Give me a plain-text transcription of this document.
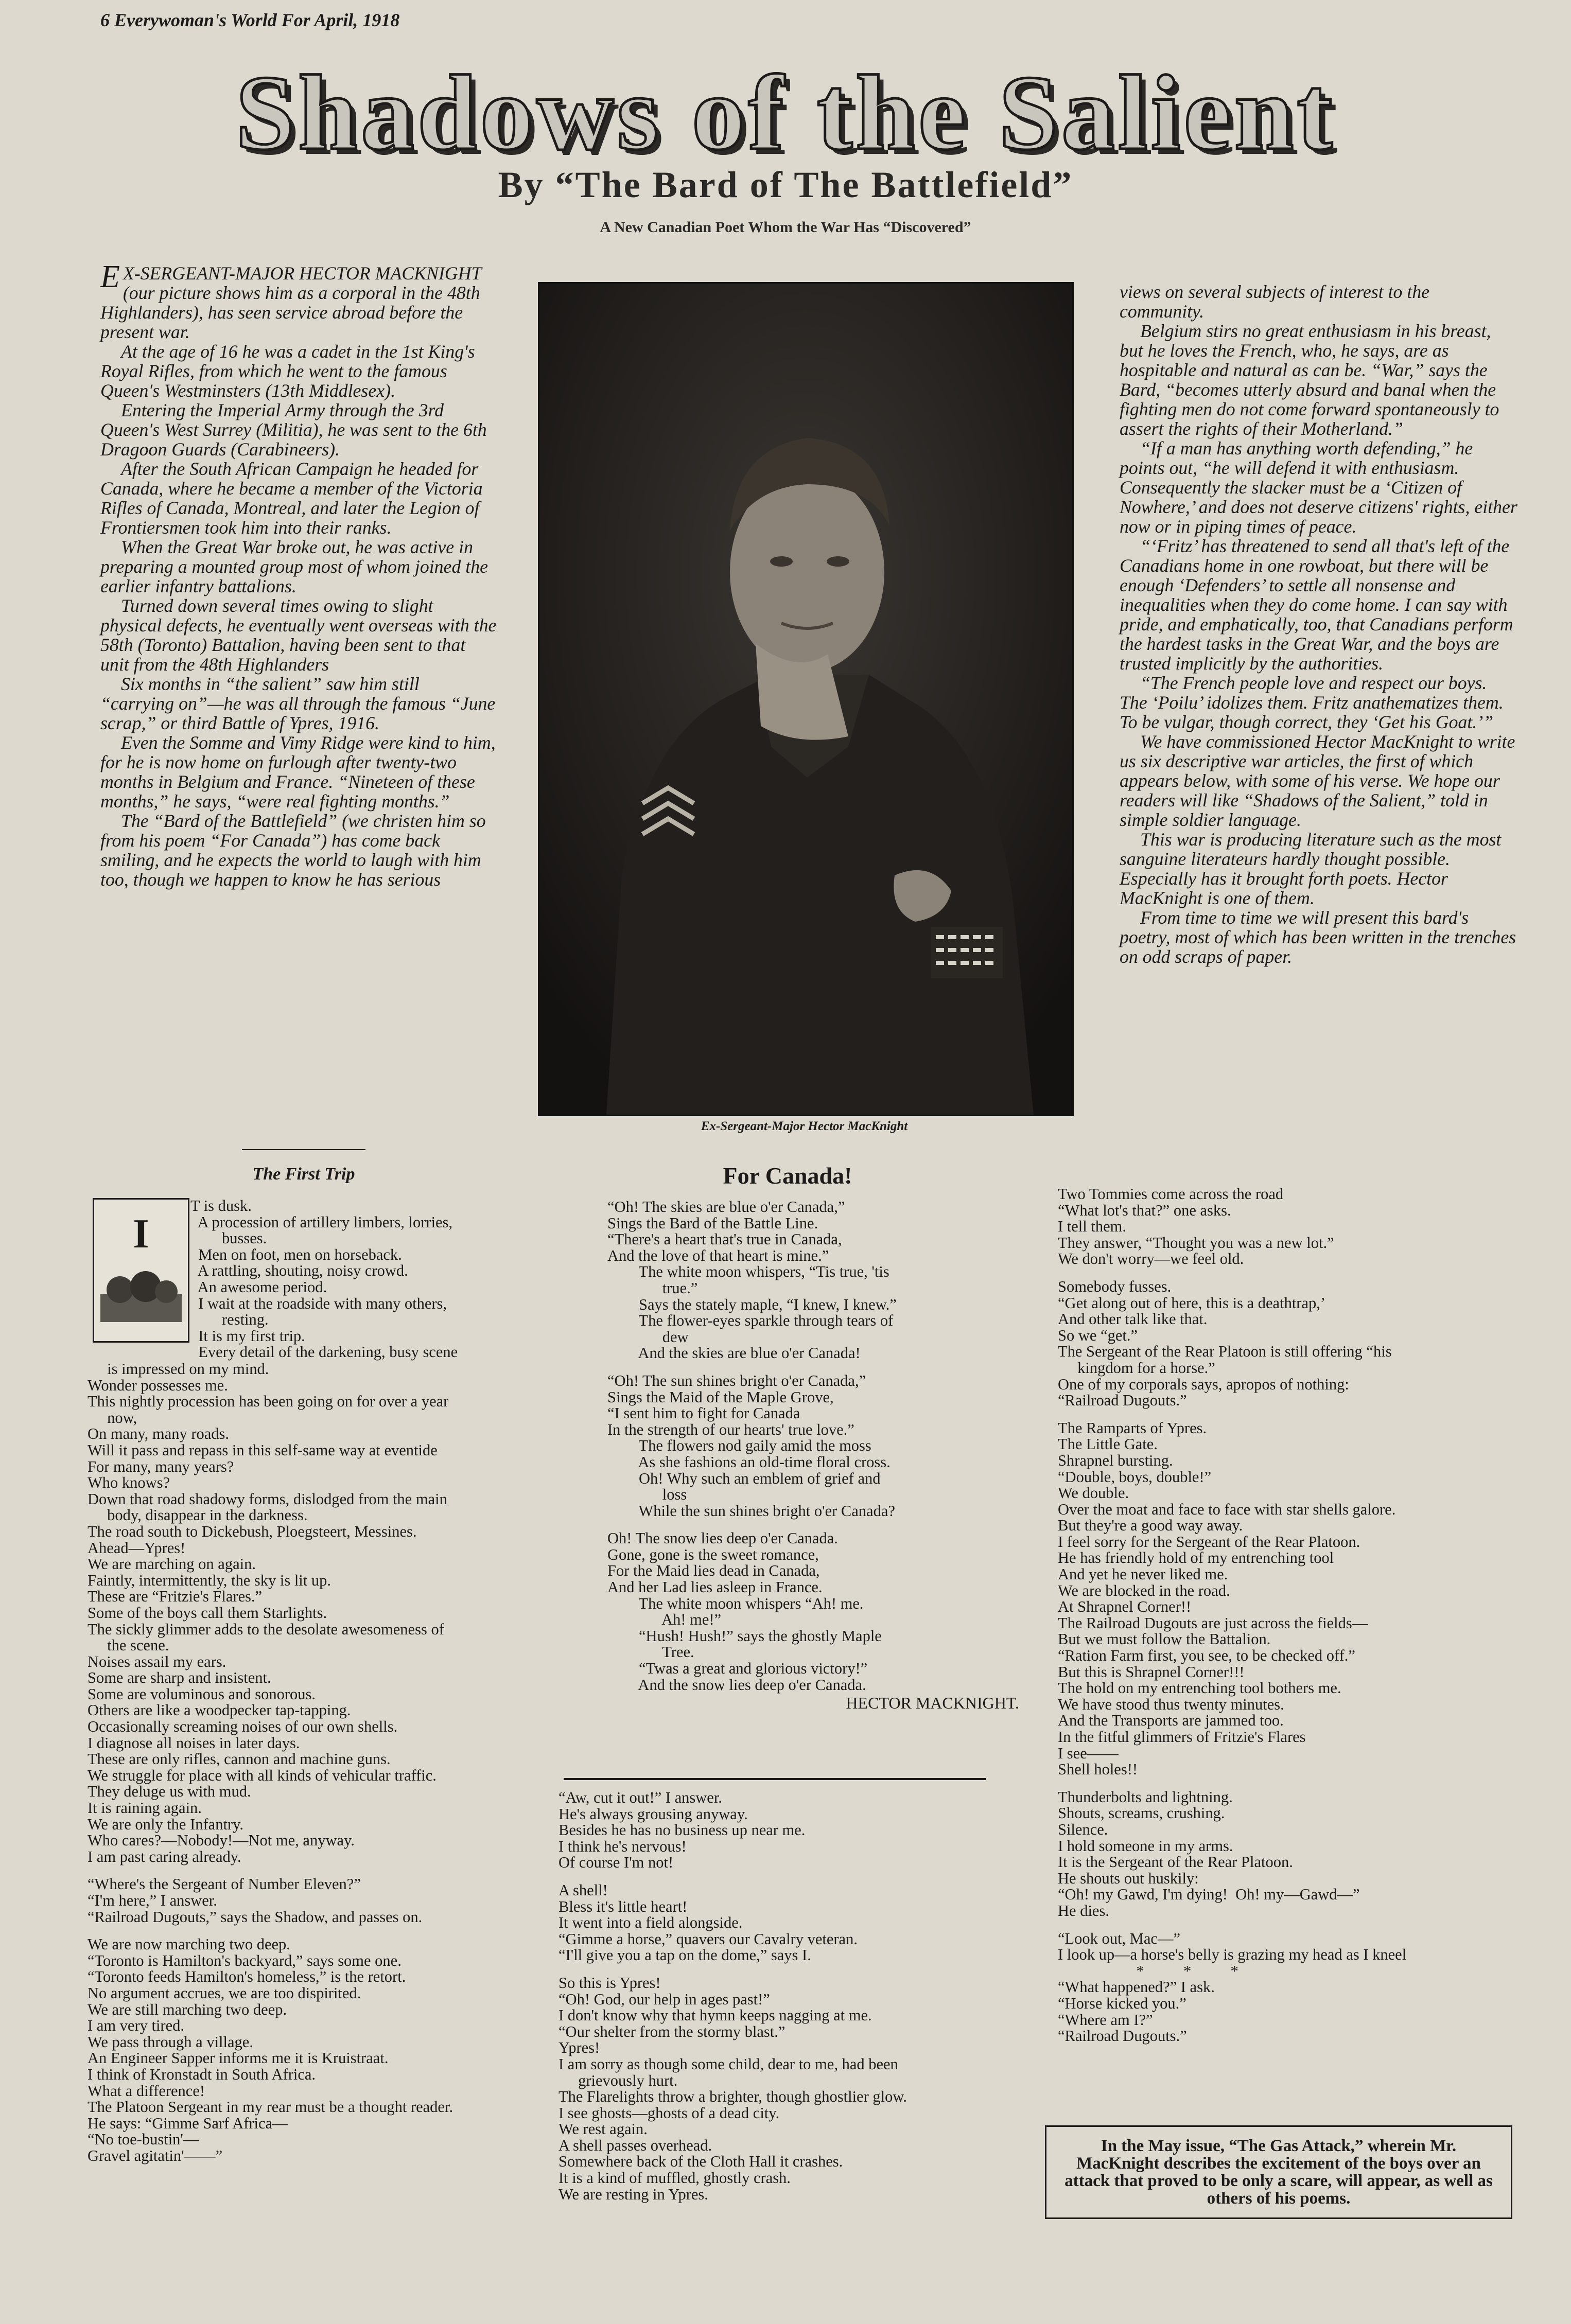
6 Everywoman's World For April, 1918
Shadows of the Salient
By “The Bard of The Battlefield”
A New Canadian Poet Whom the War Has “Discovered”

E X-SERGEANT-MAJOR HECTOR MACKNIGHT (our picture shows him as a corporal in the 48th Highlanders), has seen service abroad before the present war.

At the age of 16 he was a cadet in the 1st King's Royal Rifles, from which he went to the famous Queen's Westminsters (13th Middlesex).

Entering the Imperial Army through the 3rd Queen's West Surrey (Militia), he was sent to the 6th Dragoon Guards (Carabineers).

After the South African Campaign he headed for Canada, where he became a member of the Victoria Rifles of Canada, Montreal, and later the Legion of Frontiersmen took him into their ranks.

When the Great War broke out, he was active in preparing a mounted group most of whom joined the earlier infantry battalions.

Turned down several times owing to slight physical defects, he eventually went overseas with the 58th (Toronto) Battalion, having been sent to that unit from the 48th Highlanders

Six months in “the salient” saw him still “carrying on”—he was all through the famous “June scrap,” or third Battle of Ypres, 1916.

Even the Somme and Vimy Ridge were kind to him, for he is now home on furlough after twenty-two months in Belgium and France. “Nineteen of these months,” he says, “were real fighting months.”

The “Bard of the Battlefield” (we christen him so from his poem “For Canada”) has come back smiling, and he expects the world to laugh with him too, though we happen to know he has serious

Ex-Sergeant-Major Hector MacKnight

views on several subjects of interest to the community.

Belgium stirs no great enthusiasm in his breast, but he loves the French, who, he says, are as hospitable and natural as can be. “War,” says the Bard, “becomes utterly absurd and banal when the fighting men do not come forward spontaneously to assert the rights of their Motherland.”

“If a man has anything worth defending,” he points out, “he will defend it with enthusiasm. Consequently the slacker must be a ‘Citizen of Nowhere,’ and does not deserve citizens' rights, either now or in piping times of peace.

“‘Fritz’ has threatened to send all that's left of the Canadians home in one rowboat, but there will be enough ‘Defenders’ to settle all nonsense and inequalities when they do come home. I can say with pride, and emphatically, too, that Canadians perform the hardest tasks in the Great War, and the boys are trusted implicitly by the authorities.

“The French people love and respect our boys. The ‘Poilu’ idolizes them. Fritz anathematizes them. To be vulgar, though correct, they ‘Get his Goat.’”

We have commissioned Hector MacKnight to write us six descriptive war articles, the first of which appears below, with some of his verse. We hope our readers will like “Shadows of the Salient,” told in simple soldier language.

This war is producing literature such as the most sanguine literateurs hardly thought possible. Especially has it brought forth poets. Hector MacKnight is one of them.

From time to time we will present this bard's poetry, most of which has been written in the trenches on odd scraps of paper.

The First Trip
I
T is dusk.
A procession of artillery limbers, lorries,
busses.
Men on foot, men on horseback.
A rattling, shouting, noisy crowd.
An awesome period.
I wait at the roadside with many others,
resting.
It is my first trip.
Every detail of the darkening, busy scene
is impressed on my mind.
Wonder possesses me.
This nightly procession has been going on for over a year
now,
On many, many roads.
Will it pass and repass in this self-same way at eventide
For many, many years?
Who knows?
Down that road shadowy forms, dislodged from the main
body, disappear in the darkness.
The road south to Dickebush, Ploegsteert, Messines.
Ahead—Ypres!
We are marching on again.
Faintly, intermittently, the sky is lit up.
These are “Fritzie's Flares.”
Some of the boys call them Starlights.
The sickly glimmer adds to the desolate awesomeness of
the scene.
Noises assail my ears.
Some are sharp and insistent.
Some are voluminous and sonorous.
Others are like a woodpecker tap-tapping.
Occasionally screaming noises of our own shells.
I diagnose all noises in later days.
These are only rifles, cannon and machine guns.
We struggle for place with all kinds of vehicular traffic.
They deluge us with mud.
It is raining again.
We are only the Infantry.
Who cares?—Nobody!—Not me, anyway.
I am past caring already.
“Where's the Sergeant of Number Eleven?”
“I'm here,” I answer.
“Railroad Dugouts,” says the Shadow, and passes on.
We are now marching two deep.
“Toronto is Hamilton's backyard,” says some one.
“Toronto feeds Hamilton's homeless,” is the retort.
No argument accrues, we are too dispirited.
We are still marching two deep.
I am very tired.
We pass through a village.
An Engineer Sapper informs me it is Kruistraat.
I think of Kronstadt in South Africa.
What a difference!
The Platoon Sergeant in my rear must be a thought reader.
He says: “Gimme Sarf Africa—
“No toe-bustin'—
Gravel agitatin'——”
For Canada!
“Oh! The skies are blue o'er Canada,”
Sings the Bard of the Battle Line.
“There's a heart that's true in Canada,
And the love of that heart is mine.”
The white moon whispers, “Tis true, 'tis
true.”
Says the stately maple, “I knew, I knew.”
The flower-eyes sparkle through tears of
dew
And the skies are blue o'er Canada!
“Oh! The sun shines bright o'er Canada,”
Sings the Maid of the Maple Grove,
“I sent him to fight for Canada
In the strength of our hearts' true love.”
The flowers nod gaily amid the moss
As she fashions an old-time floral cross.
Oh! Why such an emblem of grief and
loss
While the sun shines bright o'er Canada?
Oh! The snow lies deep o'er Canada.
Gone, gone is the sweet romance,
For the Maid lies dead in Canada,
And her Lad lies asleep in France.
The white moon whispers “Ah! me.
Ah! me!”
“Hush! Hush!” says the ghostly Maple
Tree.
“Twas a great and glorious victory!”
And the snow lies deep o'er Canada.
HECTOR MACKNIGHT.
“Aw, cut it out!” I answer.
He's always grousing anyway.
Besides he has no business up near me.
I think he's nervous!
Of course I'm not!
A shell!
Bless it's little heart!
It went into a field alongside.
“Gimme a horse,” quavers our Cavalry veteran.
“I'll give you a tap on the dome,” says I.
So this is Ypres!
“Oh! God, our help in ages past!”
I don't know why that hymn keeps nagging at me.
“Our shelter from the stormy blast.”
Ypres!
I am sorry as though some child, dear to me, had been
grievously hurt.
The Flarelights throw a brighter, though ghostlier glow.
I see ghosts—ghosts of a dead city.
We rest again.
A shell passes overhead.
Somewhere back of the Cloth Hall it crashes.
It is a kind of muffled, ghostly crash.
We are resting in Ypres.
Two Tommies come across the road
“What lot's that?” one asks.
I tell them.
They answer, “Thought you was a new lot.”
We don't worry—we feel old.
Somebody fusses.
“Get along out of here, this is a deathtrap,’
And other talk like that.
So we “get.”
The Sergeant of the Rear Platoon is still offering “his
kingdom for a horse.”
One of my corporals says, apropos of nothing:
“Railroad Dugouts.”
The Ramparts of Ypres.
The Little Gate.
Shrapnel bursting.
“Double, boys, double!”
We double.
Over the moat and face to face with star shells galore.
But they're a good way away.
I feel sorry for the Sergeant of the Rear Platoon.
He has friendly hold of my entrenching tool
And yet he never liked me.
We are blocked in the road.
At Shrapnel Corner!!
The Railroad Dugouts are just across the fields—
But we must follow the Battalion.
“Ration Farm first, you see, to be checked off.”
But this is Shrapnel Corner!!!
The hold on my entrenching tool bothers me.
We have stood thus twenty minutes.
And the Transports are jammed too.
In the fitful glimmers of Fritzie's Flares
I see——
Shell holes!!
Thunderbolts and lightning.
Shouts, screams, crushing.
Silence.
I hold someone in my arms.
It is the Sergeant of the Rear Platoon.
He shouts out huskily:
“Oh! my Gawd, I'm dying!  Oh! my—Gawd—”
He dies.
“Look out, Mac—”
I look up—a horse's belly is grazing my head as I kneel
*          *          *
“What happened?” I ask.
“Horse kicked you.”
“Where am I?”
“Railroad Dugouts.”
In the May issue, “The Gas Attack,” wherein Mr. MacKnight describes the excitement of the boys over an attack that proved to be only a scare, will appear, as well as others of his poems.
